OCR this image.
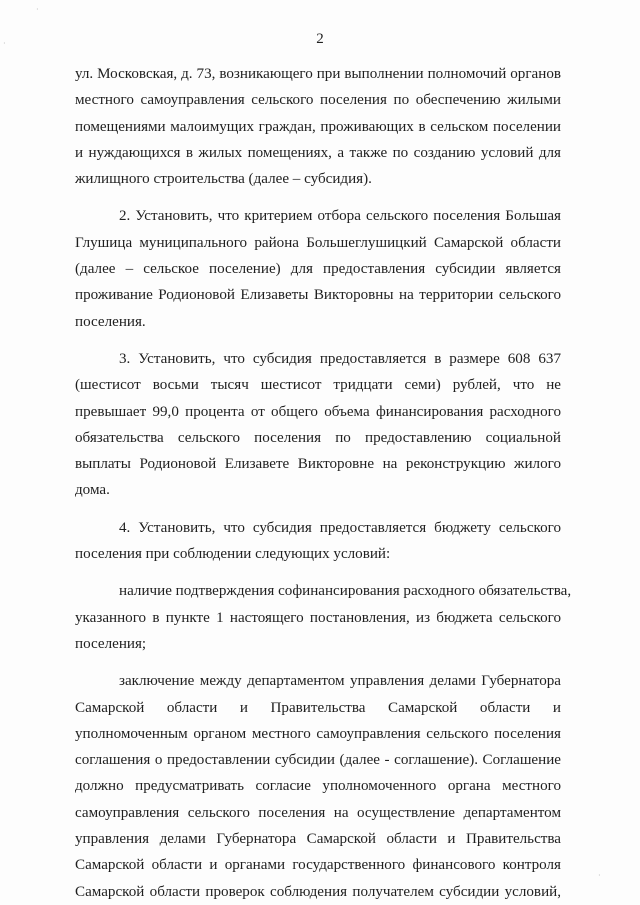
2
ул. Московская, д. 73, возникающего при выполнении полномочий органов
местного самоуправления сельского поселения по обеспечению жилыми
помещениями малоимущих граждан, проживающих в сельском поселении
и нуждающихся в жилых помещениях, а также по созданию условий для
жилищного строительства (далее – субсидия).
2. Установить, что критерием отбора сельского поселения Большая
Глушица муниципального района Большеглушицкий Самарской области
(далее – сельское поселение) для предоставления субсидии является
проживание Родионовой Елизаветы Викторовны на территории сельского
поселения.
3. Установить, что субсидия предоставляется в размере 608 637
(шестисот восьми тысяч шестисот тридцати семи) рублей, что не
превышает 99,0 процента от общего объема финансирования расходного
обязательства сельского поселения по предоставлению социальной
выплаты Родионовой Елизавете Викторовне на реконструкцию жилого
дома.
4. Установить, что субсидия предоставляется бюджету сельского
поселения при соблюдении следующих условий:
наличие подтверждения софинансирования расходного обязательства,
указанного в пункте 1 настоящего постановления, из бюджета сельского
поселения;
заключение между департаментом управления делами Губернатора
Самарской области и Правительства Самарской области и
уполномоченным органом местного самоуправления сельского поселения
соглашения о предоставлении субсидии (далее - соглашение). Соглашение
должно предусматривать согласие уполномоченного органа местного
самоуправления сельского поселения на осуществление департаментом
управления делами Губернатора Самарской области и Правительства
Самарской области и органами государственного финансового контроля
Самарской области проверок соблюдения получателем субсидии условий,
·
·
·
